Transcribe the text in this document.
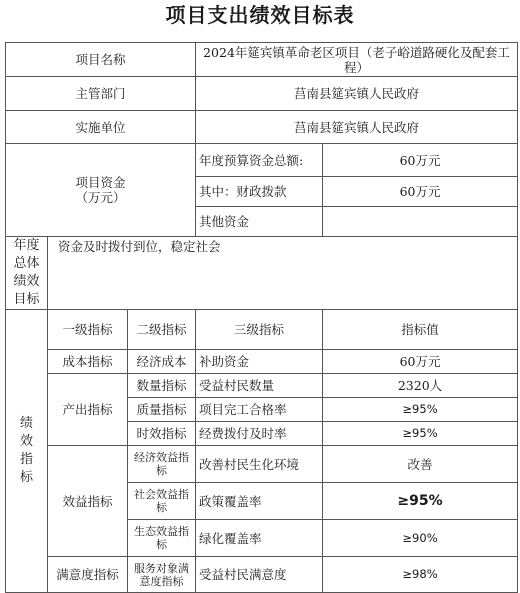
项目支出绩效目标表
项目名称			2024年筵宾镇革命老区项目（老子峪道路硬化及配套工程）	
主管部门			莒南县筵宾镇人民政府	
实施单位			莒南县筵宾镇人民政府	
项目资金
（万元）			年度预算资金总额:	60万元
			其中：财政拨款	60万元
			其他资金	
年度总体绩效目标	资金及时拨付到位，稳定社会			
绩效指标	一级指标	二级指标	三级指标	指标值
	成本指标	经济成本	补助资金	60万元
	产出指标	数量指标	受益村民数量	2320人
		质量指标	项目完工合格率	≥95%
		时效指标	经费拨付及时率	≥95%
	效益指标	经济效益指标	改善村民生化环境	改善
		社会效益指标	政策覆盖率	≥95%
		生态效益指标	绿化覆盖率	≥90%
	满意度指标	服务对象满意度指标	受益村民满意度	≥98%
